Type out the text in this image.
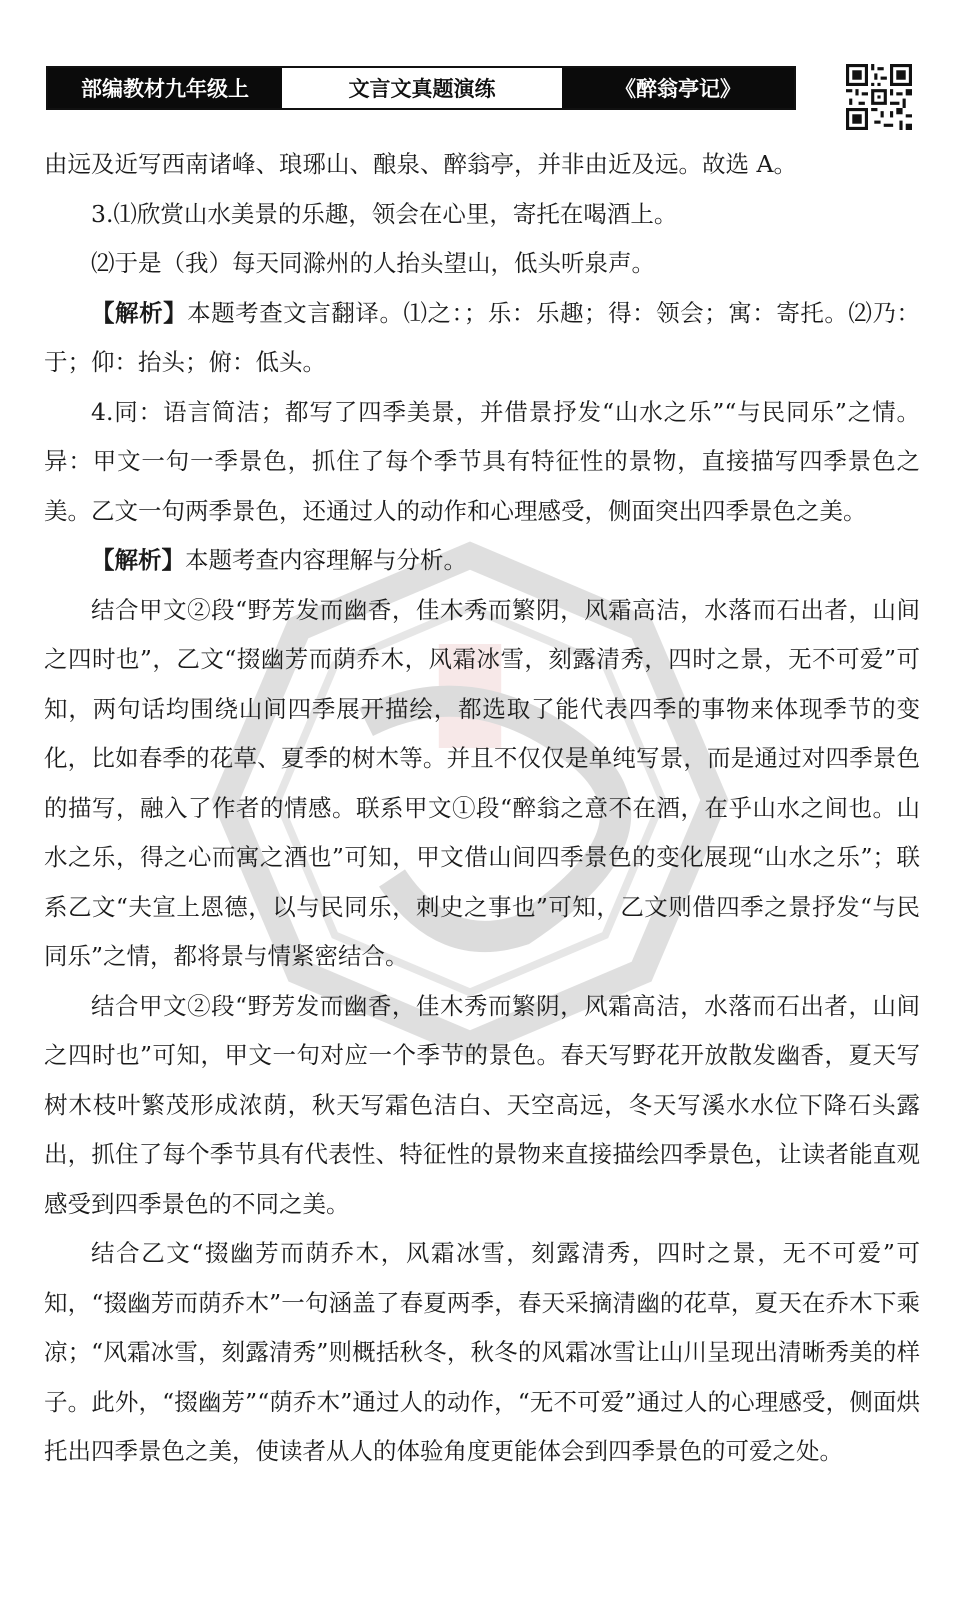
部编教材九年级上	文言文真题演练	《醉翁亭记》

由远及近写西南诸峰、琅琊山、酿泉、醉翁亭，并非由近及远。故选 A。

3.⑴欣赏山水美景的乐趣，领会在心里，寄托在喝酒上。

⑵于是（我）每天同滁州的人抬头望山，低头听泉声。

【解析】本题考查文言翻译。⑴之：；乐：乐趣；得：领会；寓：寄托。⑵乃：于；仰：抬头；俯：低头。

4.同：语言简洁；都写了四季美景，并借景抒发“山水之乐”“与民同乐”之情。异：甲文一句一季景色，抓住了每个季节具有特征性的景物，直接描写四季景色之美。乙文一句两季景色，还通过人的动作和心理感受，侧面突出四季景色之美。

【解析】本题考查内容理解与分析。

结合甲文②段“野芳发而幽香，佳木秀而繁阴，风霜高洁，水落而石出者，山间之四时也”，乙文“掇幽芳而荫乔木，风霜冰雪，刻露清秀，四时之景，无不可爱”可知，两句话均围绕山间四季展开描绘，都选取了能代表四季的事物来体现季节的变化，比如春季的花草、夏季的树木等。并且不仅仅是单纯写景，而是通过对四季景色的描写，融入了作者的情感。联系甲文①段“醉翁之意不在酒，在乎山水之间也。山水之乐，得之心而寓之酒也”可知，甲文借山间四季景色的变化展现“山水之乐”；联系乙文“夫宣上恩德，以与民同乐，刺史之事也”可知，乙文则借四季之景抒发“与民同乐”之情，都将景与情紧密结合。

结合甲文②段“野芳发而幽香，佳木秀而繁阴，风霜高洁，水落而石出者，山间之四时也”可知，甲文一句对应一个季节的景色。春天写野花开放散发幽香，夏天写树木枝叶繁茂形成浓荫，秋天写霜色洁白、天空高远，冬天写溪水水位下降石头露出，抓住了每个季节具有代表性、特征性的景物来直接描绘四季景色，让读者能直观感受到四季景色的不同之美。

结合乙文“掇幽芳而荫乔木，风霜冰雪，刻露清秀，四时之景，无不可爱”可知，“掇幽芳而荫乔木”一句涵盖了春夏两季，春天采摘清幽的花草，夏天在乔木下乘凉；“风霜冰雪，刻露清秀”则概括秋冬，秋冬的风霜冰雪让山川呈现出清晰秀美的样子。此外，“掇幽芳”“荫乔木”通过人的动作，“无不可爱”通过人的心理感受，侧面烘托出四季景色之美，使读者从人的体验角度更能体会到四季景色的可爱之处。
